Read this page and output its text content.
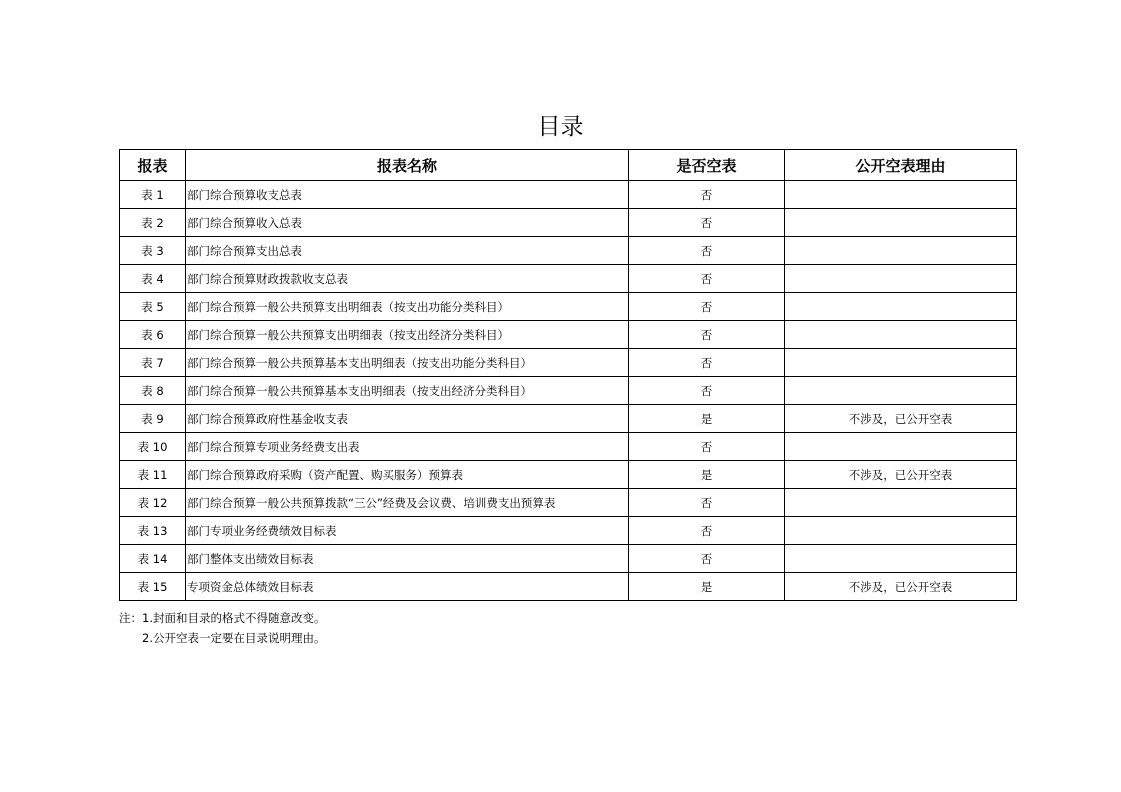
目录
报表	报表名称	是否空表	公开空表理由
表 1	部门综合预算收支总表	否	
表 2	部门综合预算收入总表	否	
表 3	部门综合预算支出总表	否	
表 4	部门综合预算财政拨款收支总表	否	
表 5	部门综合预算一般公共预算支出明细表（按支出功能分类科目）	否	
表 6	部门综合预算一般公共预算支出明细表（按支出经济分类科目）	否	
表 7	部门综合预算一般公共预算基本支出明细表（按支出功能分类科目）	否	
表 8	部门综合预算一般公共预算基本支出明细表（按支出经济分类科目）	否	
表 9	部门综合预算政府性基金收支表	是	不涉及，已公开空表
表 10	部门综合预算专项业务经费支出表	否	
表 11	部门综合预算政府采购（资产配置、购买服务）预算表	是	不涉及，已公开空表
表 12	部门综合预算一般公共预算拨款“三公”经费及会议费、培训费支出预算表	否	
表 13	部门专项业务经费绩效目标表	否	
表 14	部门整体支出绩效目标表	否	
表 15	专项资金总体绩效目标表	是	不涉及，已公开空表
注：1.封面和目录的格式不得随意改变。
2.公开空表一定要在目录说明理由。
